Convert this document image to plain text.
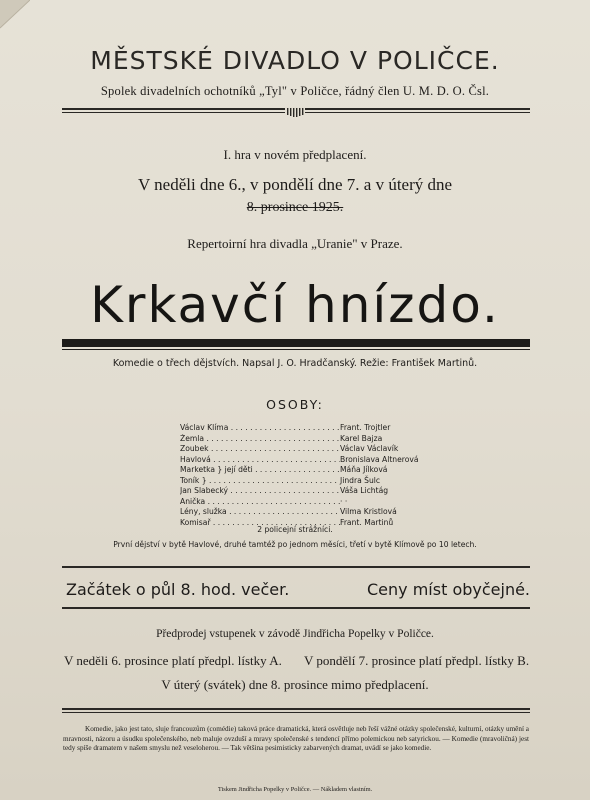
MĚSTSKÉ DIVADLO V POLIČCE.
Spolek divadelních ochotníků „Tyl" v Poličce, řádný člen U. M. D. O. Čsl.
I. hra v novém předplacení.
V neděli dne 6., v pondělí dne 7. a v úterý dne
8. prosince 1925.
Repertoirní hra divadla „Uranie" v Praze.
Krkavčí hnízdo.
Komedie o třech dějstvích. Napsal J. O. Hradčanský. Režie: František Martinů.
OSOBY:
Václav Klíma . . .	Frant. Trojtler
Žemla . . .	Karel Bajza
Zoubek . . .	Václav Václavík
Havlová . . .	Bronislava Altnerová
Marketka } její děti . . .	Máňa Jílková
Toník } . . .	Jindra Šulc
Jan Slabecký . . .	Váša Lichtág
Anička . . .	· ·
Lény, služka . . .	Vilma Kristlová
Komisař . . .	Frant. Martinů
2 policejní strážníci.
První dějství v bytě Havlové, druhé tamtéž po jednom měsíci, třetí v bytě Klímově po 10 letech.
Začátek o půl 8. hod. večer.	Ceny míst obyčejné.
Předprodej vstupenek v závodě Jindřicha Popelky v Poličce.
V neděli 6. prosince platí předpl. lístky A. V pondělí 7. prosince platí předpl. lístky B.
V úterý (svátek) dne 8. prosince mimo předplacení.
Komedie, jako jest tato, sluje francouzům (comédie) taková práce dramatická, která osvětluje neb řeší vážné otázky společenské, kulturní, otázky umění a mravnosti, názoru a úsudku společenského, neb maluje ovzduší a mravy společenské s tendencí přímo polemickou neb satyrickou. — Komedie (mravoličná) jest tedy spíše dramatem v našem smyslu než veseloherou. — Tak většina pesimisticky zabarvených dramat, uvádí se jako komedie.
Tiskem Jindřicha Popelky v Poličce. — Nákladem vlastním.
